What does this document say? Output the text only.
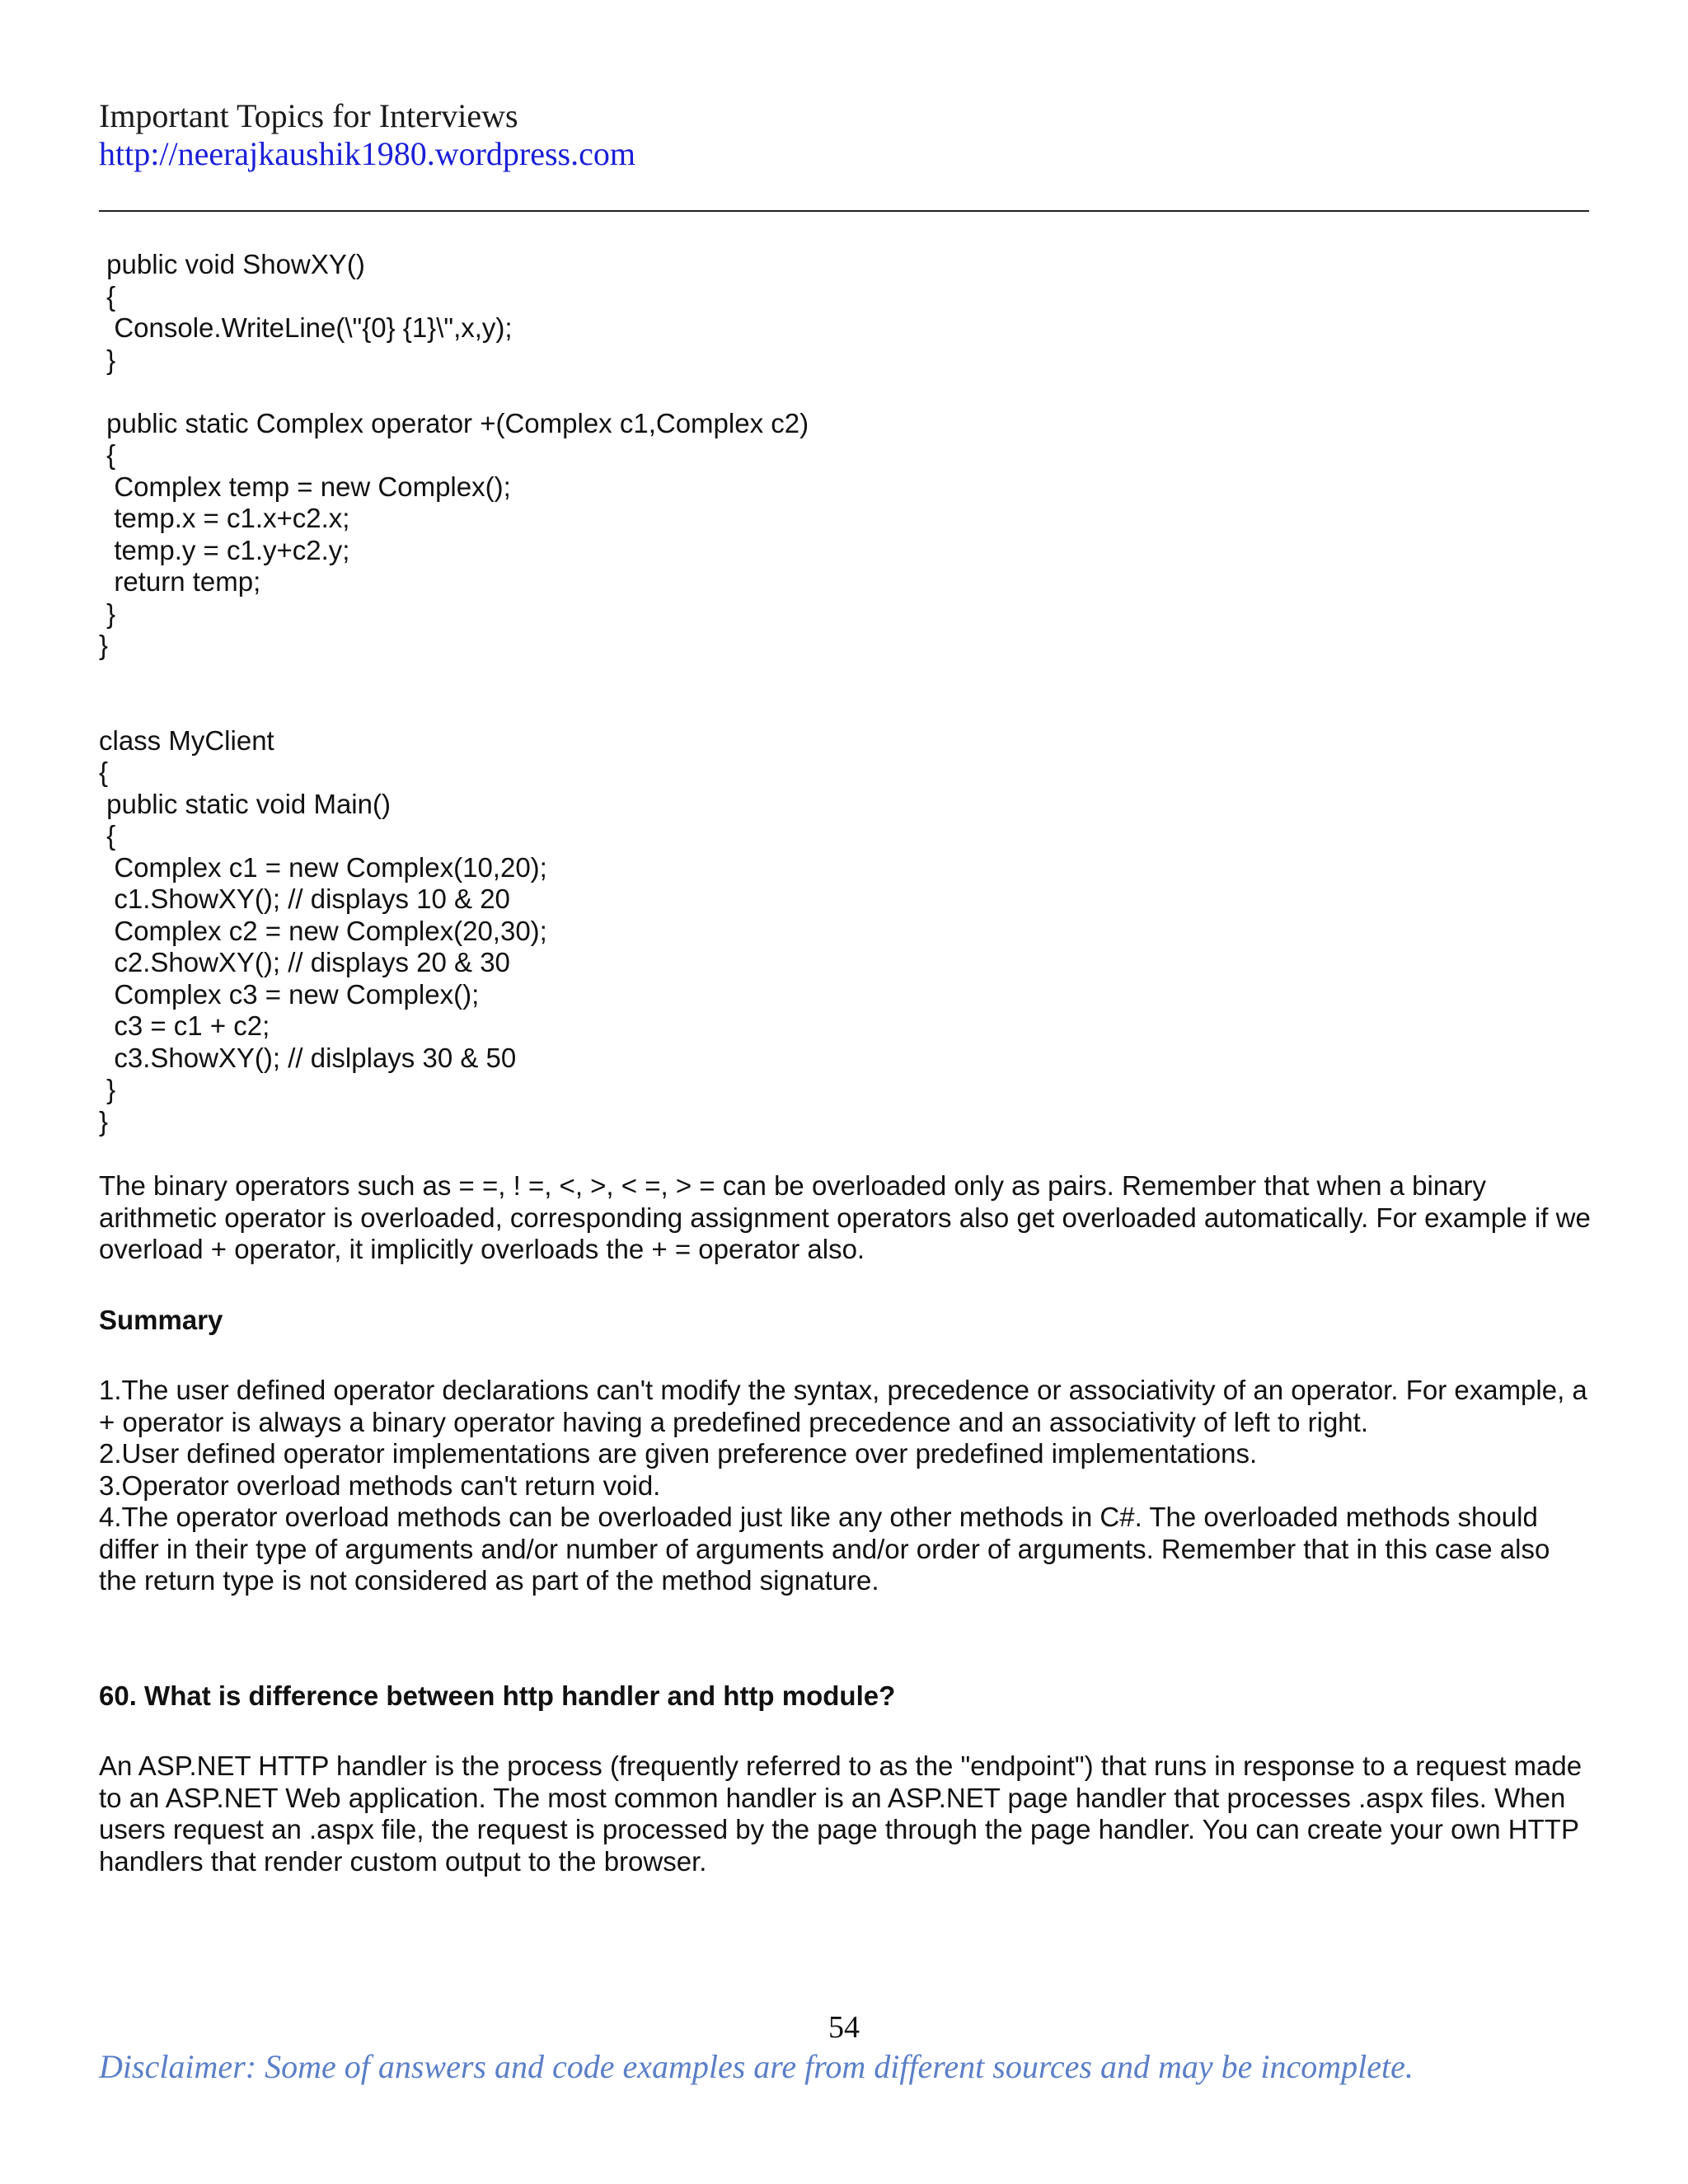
Important Topics for Interviews
http://neerajkaushik1980.wordpress.com
public void ShowXY()
{
Console.WriteLine(\"{0} {1}\",x,y);
}

public static Complex operator +(Complex c1,Complex c2)
{
Complex temp = new Complex();
temp.x = c1.x+c2.x;
temp.y = c1.y+c2.y;
return temp;
}
}

class MyClient
{
public static void Main()
{
Complex c1 = new Complex(10,20);
c1.ShowXY(); // displays 10 & 20
Complex c2 = new Complex(20,30);
c2.ShowXY(); // displays 20 & 30
Complex c3 = new Complex();
c3 = c1 + c2;
c3.ShowXY(); // dislplays 30 & 50
}
}

The binary operators such as = =, ! =, <, >, < =, > = can be overloaded only as pairs. Remember that when a binary arithmetic operator is overloaded, corresponding assignment operators also get overloaded automatically. For example if we overload + operator, it implicitly overloads the + = operator also.

Summary
1.The user defined operator declarations can't modify the syntax, precedence or associativity of an operator. For example, a + operator is always a binary operator having a predefined precedence and an associativity of left to right.
2.User defined operator implementations are given preference over predefined implementations.
3.Operator overload methods can't return void.
4.The operator overload methods can be overloaded just like any other methods in C#. The overloaded methods should differ in their type of arguments and/or number of arguments and/or order of arguments. Remember that in this case also the return type is not considered as part of the method signature.
60. What is difference between http handler and http module?

An ASP.NET HTTP handler is the process (frequently referred to as the "endpoint") that runs in response to a request made to an ASP.NET Web application. The most common handler is an ASP.NET page handler that processes .aspx files. When users request an .aspx file, the request is processed by the page through the page handler. You can create your own HTTP handlers that render custom output to the browser.

54
Disclaimer: Some of answers and code examples are from different sources and may be incomplete.
